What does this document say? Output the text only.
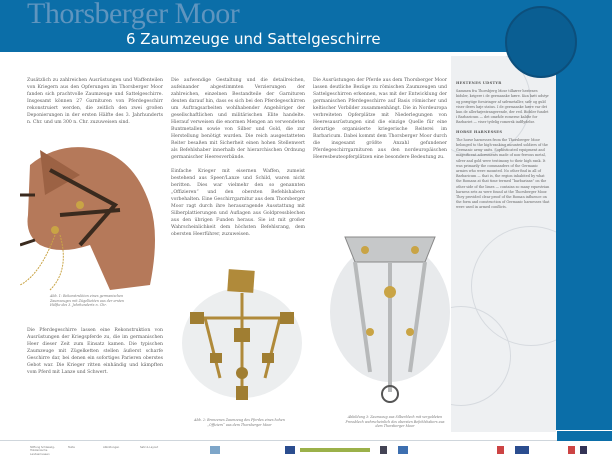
Thorsberger Moor
6 Zaumzeuge und Sattelgeschirre
Zusätzlich zu zahlreichen Ausrüstungen und Waffenteilen von Kriegern aus den Opferungen im Thorsberger Moor fanden sich prachtvolle Zaumzeuge und Sattelgeschirre. Insgesamt können 27 Garnituren von Pferdegeschirr rekonstruiert werden, die zeitlich den zwei großen Deponierungen in der ersten Hälfte des 3. Jahrhunderts n. Chr. und um 300 n. Chr. zuzuweisen sind.

Die aufwendige Gestaltung und die detailreichen, aufeinander abgestimmten Verzierungen der zahlreichen, einzelnen Bestandteile der Garnituren deuten darauf hin, dass es sich bei den Pferdegeschirren um Auftragsarbeiten wohlhabender Angehöriger der gesellschaftlichen und militärischen Elite handelte. Hierauf verweisen die enormen Mengen an verwendeten Buntmetallen sowie von Silber und Gold, die zur Herstellung benötigt wurden. Die reich ausgestatteten Reiter besaßen mit Sicherheit einen hohen Stellenwert als Befehlshaber innerhalb der hierarchischen Ordnung germanischer Heeresverbände.

Einfache Krieger mit eisernen Waffen, zumeist bestehend aus Speer/Lanze und Schild, waren nicht beritten. Dies war vielmehr den so genannten „Offizieren“ und den obersten Befehlshabern vorbehalten. Eine Geschirrgarnitur aus dem Thorsberger Moor ragt durch ihre herausragende Ausstattung mit Silberplattierungen und Auflagen aus Goldpressblechen aus den übrigen Funden heraus. Sie ist mit großer Wahrscheinlichkeit dem höchsten Befehlsrang, dem obersten Heerführer, zuzuweisen.

Die Ausrüstungen der Pferde aus dem Thorsberger Moor lassen deutliche Bezüge zu römischen Zaumzeugen und Sattelgeschirren erkennen, was mit der Entwicklung der germanischen Pferdegeschirre auf Basis römischer und keltischer Vorbilder zusammenhängt. Die in Nordeuropa verbreiteten Opferplätze mit Niederlegungen von Heeresausrüstungen sind die einzige Quelle für eine derartige organisierte kriegerische Reiterei im Barbaricum. Dabei kommt dem Thorsberger Moor durch die insgesamt größte Anzahl gefundener Pferdegeschirrgarnituren aus den nordeuropäischen Heeresbeuteopferplätzen eine besondere Bedeutung zu.
Die Pferdegeschirre lassen eine Rekonstruktion von Ausrüstungen der Kriegspferde zu, die im germanischen Heer dieser Zeit zum Einsatz kamen. Die typischen Zaumzeuge mit Zügelketten stellen äußerst scharfe Geschirre dar, bei denen ein sofortiges Parieren oberstes Gebot war. Die Krieger ritten einhändig und kämpften vom Pferd mit Lanze und Schwert.
HESTENES UDSTYR

Sammen fra Thorsbjerg Mose tilhører hestenes bidsler, krigere i de germanske hære. Kun bøtt udstyr og prægtige forsiringer af sølvmetaller, sølv og guld viser deres høje status. I de germanske hære var det kun de allerhøjestrangerende, der red. Bidsler fundet i Barbaricum — det område romerne kaldte for Barbariet — viser tydelig romersk indflydelse.

HORSE HARNESSES

The horse harnesses from the Thorsberger Moor belonged to the high-ranking mounted soldiers of the Germanic army units. Sophisticated equipment and magnificent adornments made of non-ferrous metal, silver and gold were testimony to their high rank. It was primarily the commanders of the Germanic armies who were mounted. No other find in all of Barbaricum — that is, the region inhabited by what the Romans at that time termed “barbarians” on the other side of the limes — contains so many equestrian harness sets as were found at the Thorsberger Moor. They provided clear proof of the Roman influence on the form and construction of Germanic harnesses that were used in armed conflicts.

Abb. 1: Rekonstruktion eines germanischen Zaumzeuges mit Zügelketten aus der ersten Hälfte des 3. Jahrhunderts n. Chr.
Abb. 2: Bronzenes Zaumzeug des Pferdes eines hohen „Offiziers“ aus dem Thorsberger Moor
Abbildung 3: Zaumzeug aus Silberblech mit vergoldeten Pressblech wahrscheinlich des obersten Befehlshabers aus dem Thorsberger Moor
Stiftung Schleswig-Holsteinische Landesmuseen
Texte	Abbildungen	Satz & Layout
